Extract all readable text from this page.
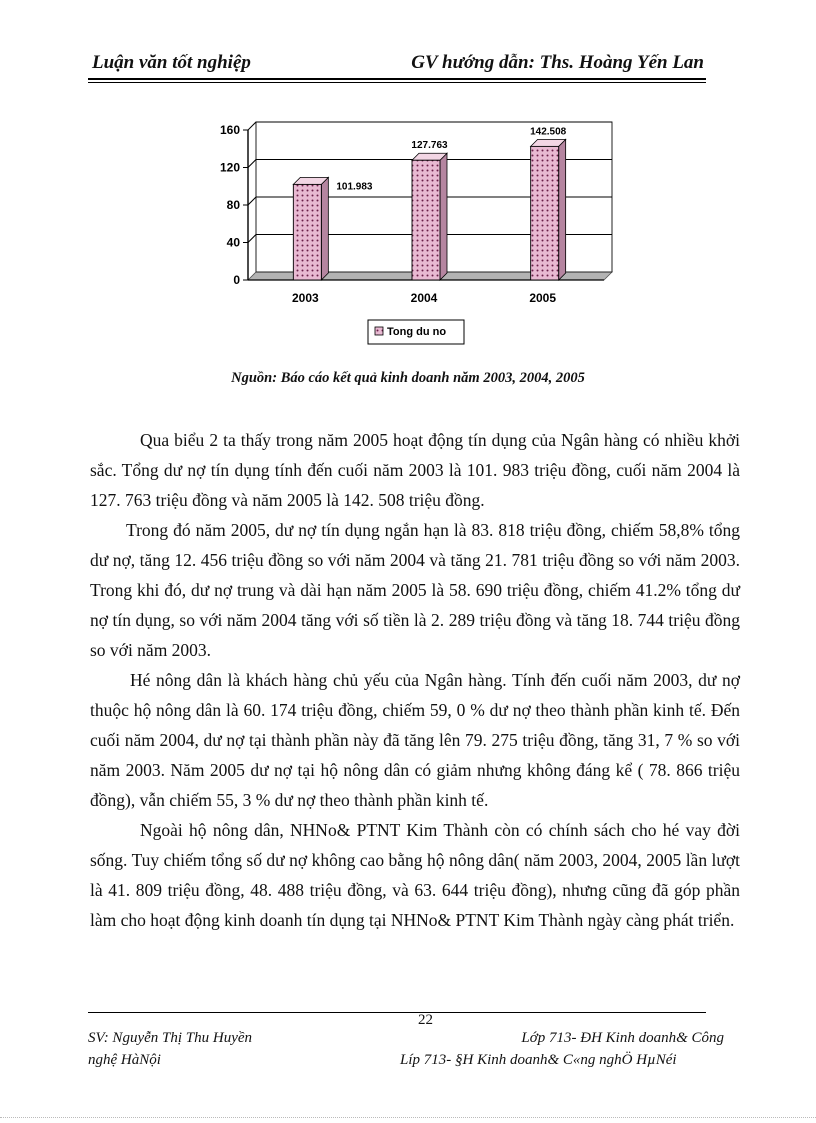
Luận văn tốt nghiệp	GV hướng dẫn: Ths. Hoàng Yến Lan
0
40
80
120
160
101.983
127.763
142.508
2003	2004	2005
Tong du no
Nguồn: Báo cáo kết quả kinh doanh năm 2003, 2004, 2005

Qua biểu 2 ta thấy trong năm 2005 hoạt động tín dụng của Ngân hàng có nhiều khởi sắc. Tổng dư nợ tín dụng tính đến cuối năm 2003 là 101. 983 triệu đồng, cuối năm 2004 là 127. 763 triệu đồng và năm 2005 là 142. 508 triệu đồng.

Trong đó năm 2005, dư nợ tín dụng ngắn hạn là 83. 818 triệu đồng, chiếm 58,8% tổng dư nợ, tăng 12. 456 triệu đồng so với năm 2004 và tăng 21. 781 triệu đồng so với năm 2003. Trong khi đó, dư nợ trung và dài hạn năm 2005 là 58. 690 triệu đồng, chiếm 41.2% tổng dư nợ tín dụng, so với năm 2004 tăng với số tiền là 2. 289 triệu đồng và tăng 18. 744 triệu đồng so với năm 2003.

Hé nông dân là khách hàng chủ yếu của Ngân hàng. Tính đến cuối năm 2003, dư nợ thuộc hộ nông dân là 60. 174 triệu đồng, chiếm 59, 0 % dư nợ theo thành phần kinh tế. Đến cuối năm 2004, dư nợ tại thành phần này đã tăng lên 79. 275 triệu đồng, tăng 31, 7 % so với năm 2003. Năm 2005 dư nợ tại hộ nông dân có giảm nhưng không đáng kể ( 78. 866 triệu đồng), vẫn chiếm 55, 3 % dư nợ theo thành phần kinh tế.

Ngoài hộ nông dân, NHNo& PTNT Kim Thành còn có chính sách cho hé vay đời sống. Tuy chiếm tổng số dư nợ không cao bằng hộ nông dân( năm 2003, 2004, 2005 lần lượt là 41. 809 triệu đồng, 48. 488 triệu đồng, và 63. 644 triệu đồng), nhưng cũng đã góp phần làm cho hoạt động kinh doanh tín dụng tại NHNo& PTNT Kim Thành ngày càng phát triển.

22
SV: Nguyễn Thị Thu Huyền	Lớp 713- ĐH Kinh doanh& Công
nghệ HàNội	Líp 713- §H Kinh doanh& C«ng nghÖ HµNéi
